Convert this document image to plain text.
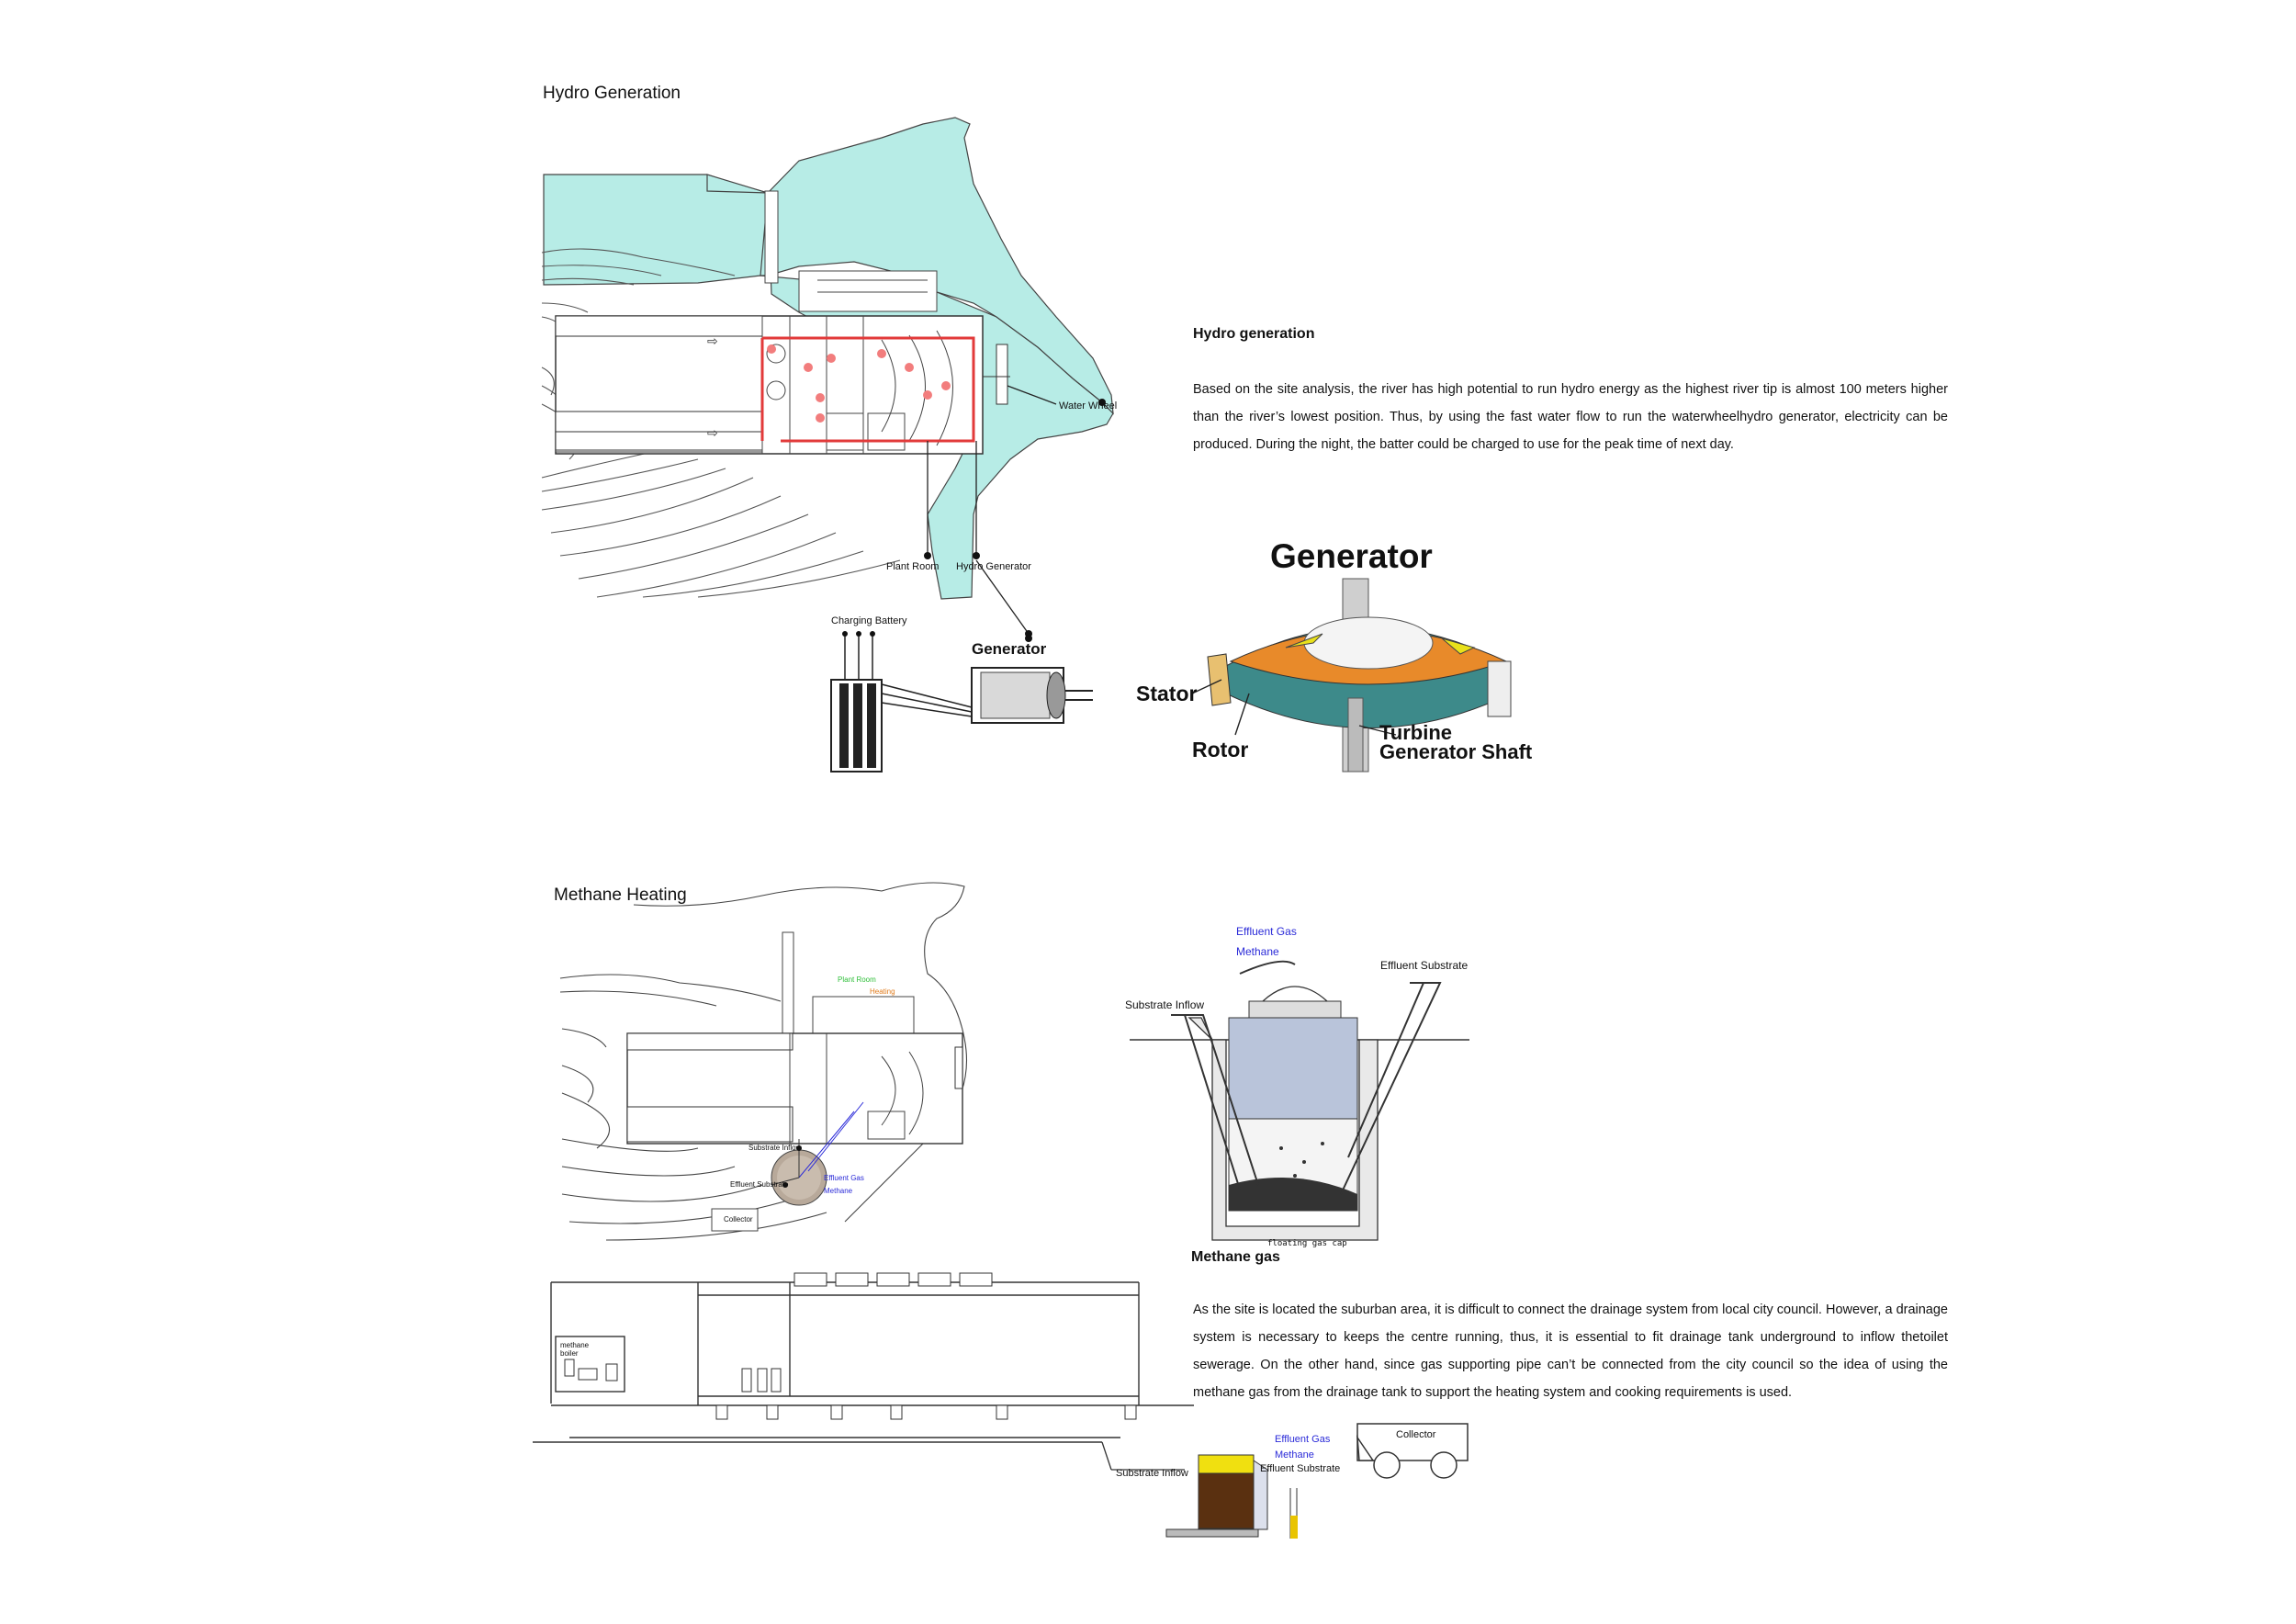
Hydro Generation
⇨
⇨
Water Wheel
Plant Room Hydro Generator
Charging Battery
Generator
Hydro generation
Based on the site analysis, the river has high potential to run hydro energy as the highest river tip is almost 100 meters higher than the river’s lowest position. Thus, by using the fast water flow to run the waterwheelhydro generator, electricity can be produced. During the night, the batter could be charged to use for the peak time of next day.
Generator
Stator
Rotor
Turbine
Generator Shaft
Methane Heating
Plant Room
Heating
Substrate Inflow
Effluent Substrate
Effluent Gas
Methane
Collector
Effluent Gas
Methane
Effluent Substrate
Substrate Inflow
floating gas cap
Methane gas
As the site is located the suburban area, it is difficult to connect the drainage system from local city council. However, a drainage system is necessary to keeps the centre running, thus, it is essential to fit drainage tank underground to inflow thetoilet sewerage. On the other hand, since gas supporting pipe can’t be connected from the city council so the idea of using the methane gas from the drainage tank to support the heating system and cooking requirements is used.
methane boiler
Collector
Effluent Gas
Methane
Effluent Substrate
Substrate Inflow
